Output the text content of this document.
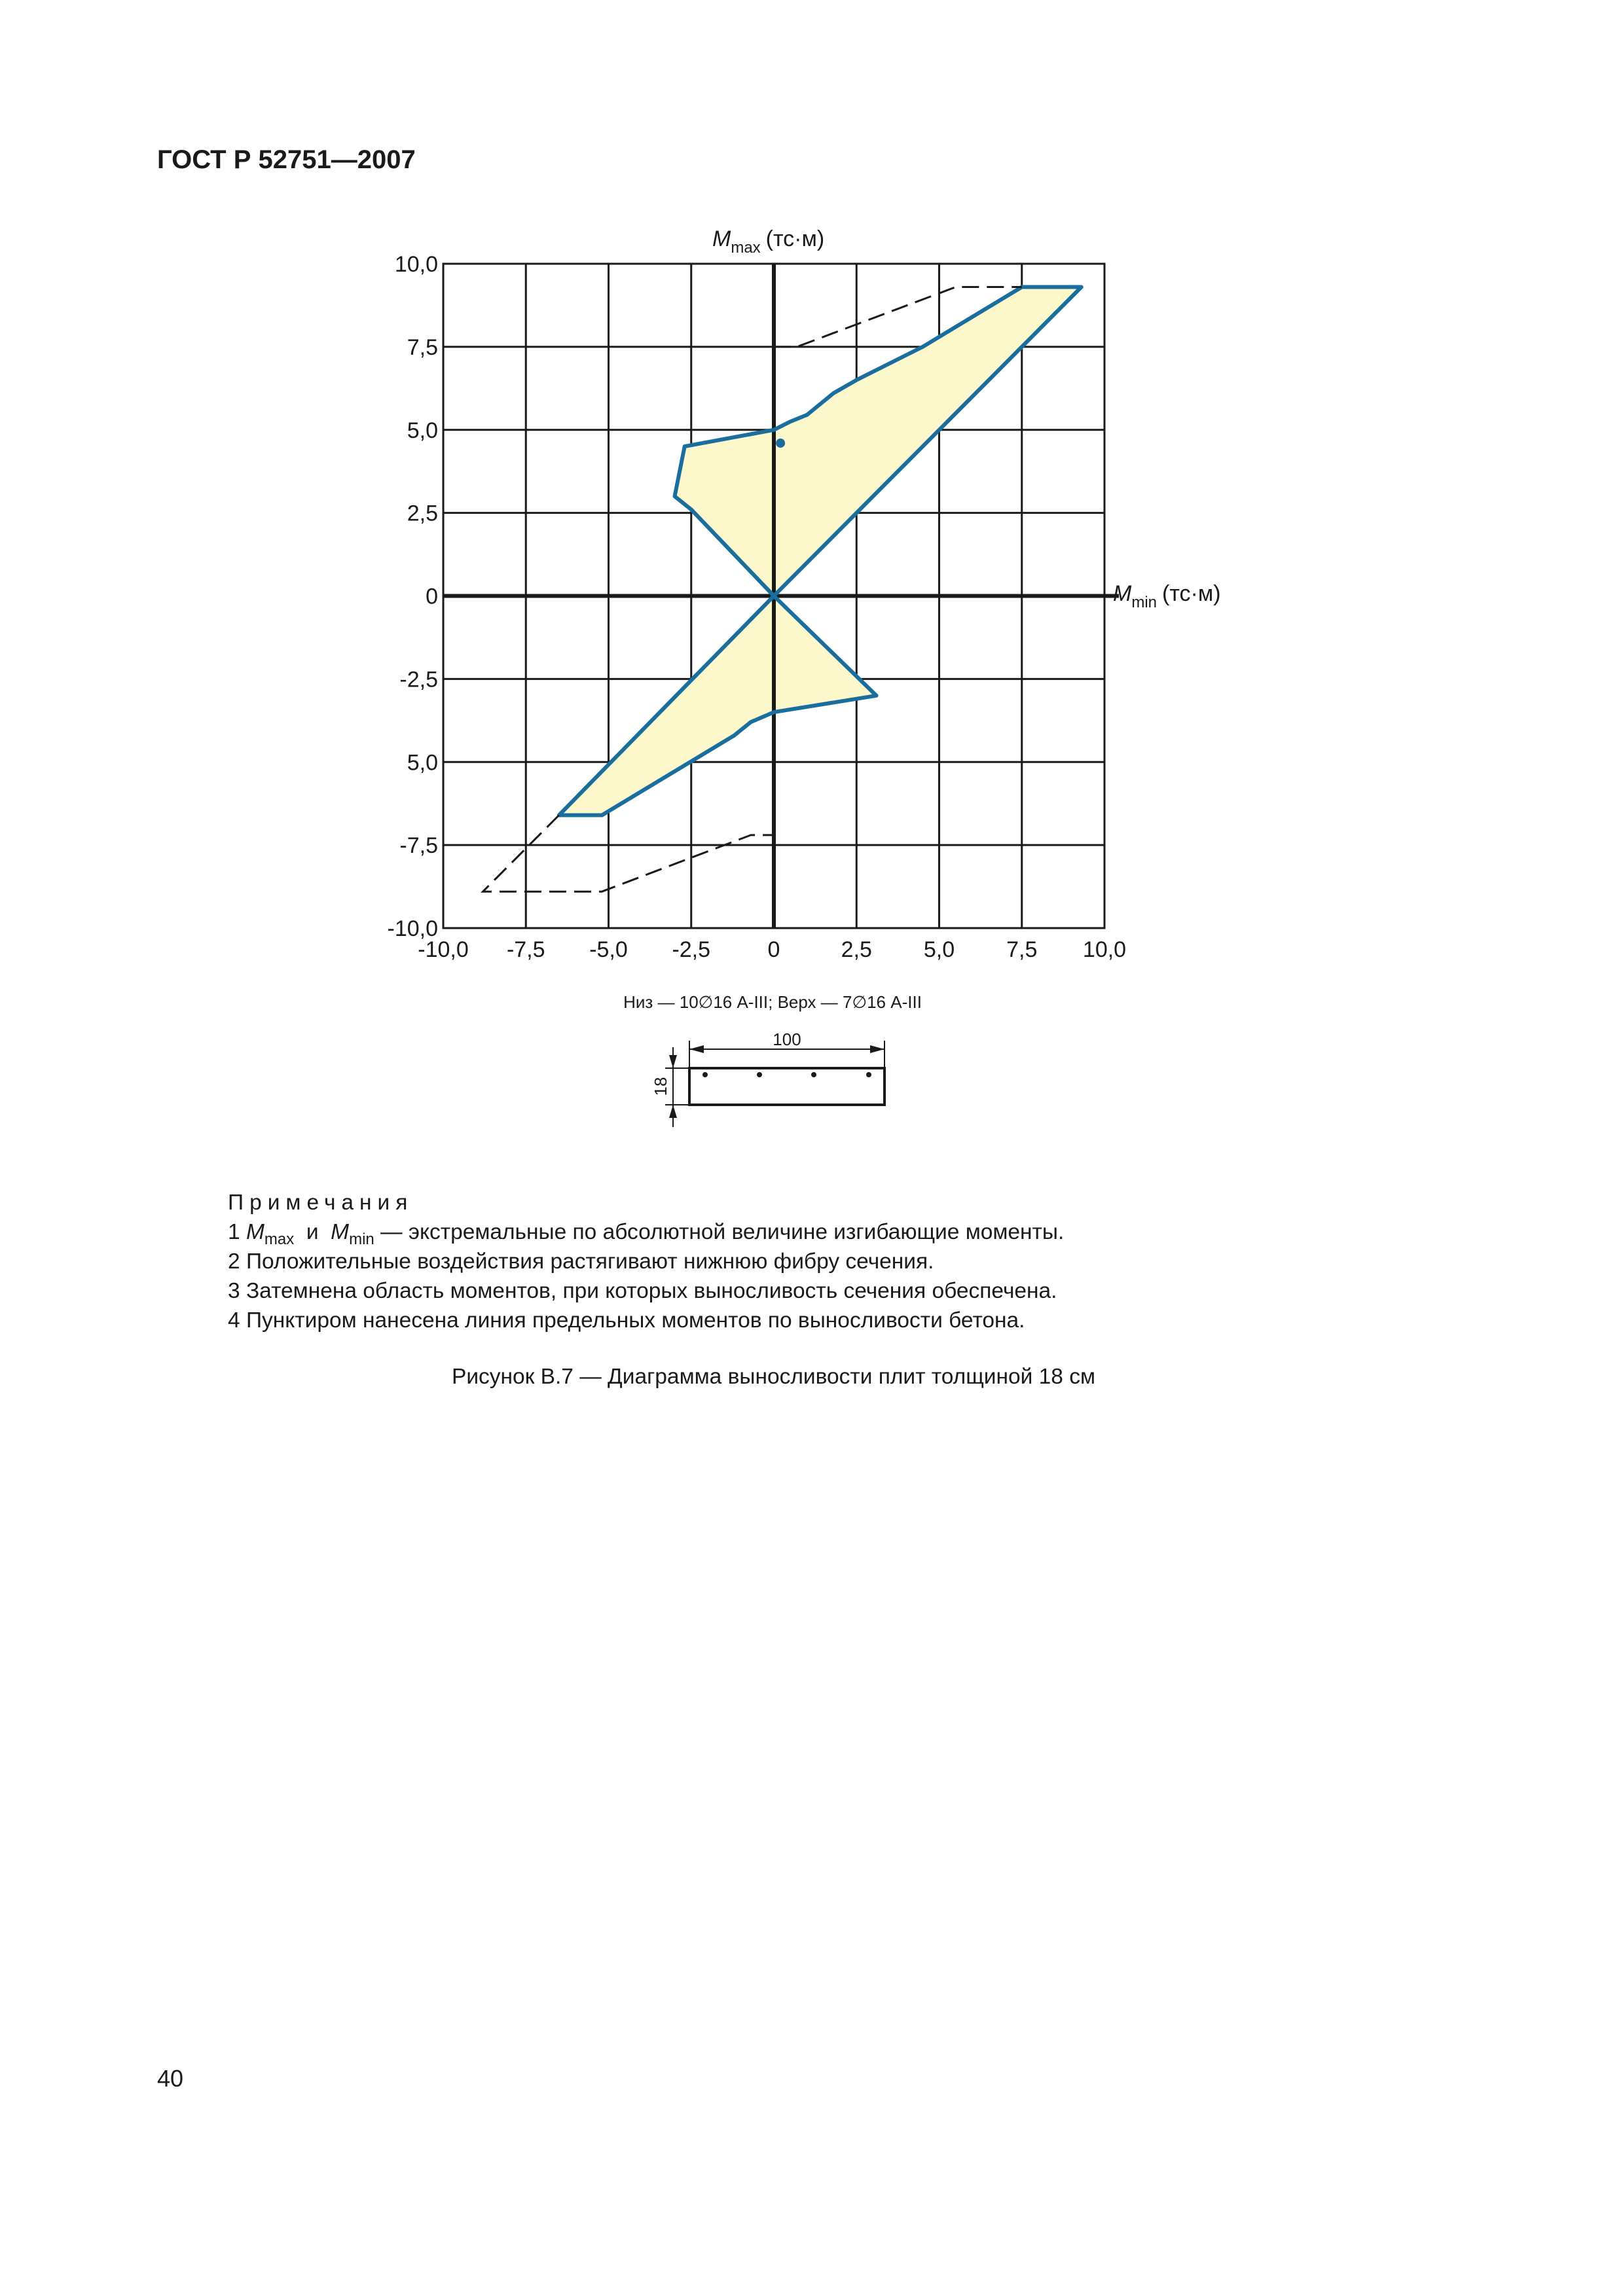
ГОСТ Р 52751—2007
-10,0 -7,5 -5,0 -2,5	0	2,5 5,0 7,5 10,0
-10,0
-7,5
5,0
-2,5
0
2,5
5,0
7,5
10,0
$M_{max}$ (тс·м)
$M_{min}$ (тс·м)
Низ — 10∅16 А-III; Верх — 7∅16 А-III
100
18
Примечания
1 $M_{max}$ и $M_{min}$ — экстремальные по абсолютной величине изгибающие моменты.
2 Положительные воздействия растягивают нижнюю фибру сечения.
3 Затемнена область моментов, при которых выносливость сечения обеспечена.
4 Пунктиром нанесена линия предельных моментов по выносливости бетона.
Рисунок В.7 — Диаграмма выносливости плит толщиной 18 см
40
